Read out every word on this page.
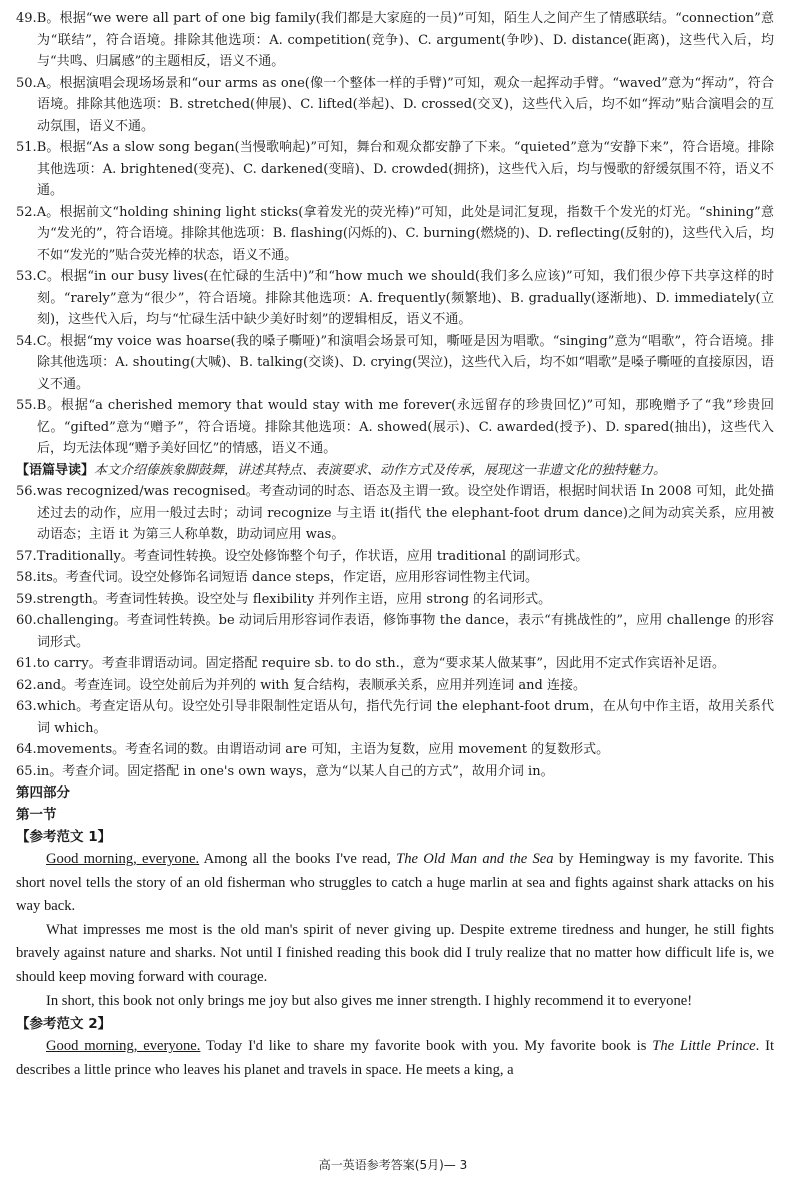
49.B。根据“we were all part of one big family(我们都是大家庭的一员)”可知，陌生人之间产生了情感联结。“connection”意为“联结”，符合语境。排除其他选项：A. competition(竞争)、C. argument(争吵)、D. distance(距离)，这些代入后，均与“共鸣、归属感”的主题相反，语义不通。

50.A。根据演唱会现场场景和“our arms as one(像一个整体一样的手臂)”可知，观众一起挥动手臂。“waved”意为“挥动”，符合语境。排除其他选项：B. stretched(伸展)、C. lifted(举起)、D. crossed(交叉)，这些代入后，均不如“挥动”贴合演唱会的互动氛围，语义不通。

51.B。根据“As a slow song began(当慢歌响起)”可知，舞台和观众都安静了下来。“quieted”意为“安静下来”，符合语境。排除其他选项：A. brightened(变亮)、C. darkened(变暗)、D. crowded(拥挤)，这些代入后，均与慢歌的舒缓氛围不符，语义不通。

52.A。根据前文“holding shining light sticks(拿着发光的荧光棒)”可知，此处是词汇复现，指数千个发光的灯光。“shining”意为“发光的”，符合语境。排除其他选项：B. flashing(闪烁的)、C. burning(燃烧的)、D. reflecting(反射的)，这些代入后，均不如“发光的”贴合荧光棒的状态，语义不通。

53.C。根据“in our busy lives(在忙碌的生活中)”和“how much we should(我们多么应该)”可知，我们很少停下共享这样的时刻。“rarely”意为“很少”，符合语境。排除其他选项：A. frequently(频繁地)、B. gradually(逐渐地)、D. immediately(立刻)，这些代入后，均与“忙碌生活中缺少美好时刻”的逻辑相反，语义不通。

54.C。根据“my voice was hoarse(我的嗓子嘶哑)”和演唱会场景可知，嘶哑是因为唱歌。“singing”意为“唱歌”，符合语境。排除其他选项：A. shouting(大喊)、B. talking(交谈)、D. crying(哭泣)，这些代入后，均不如“唱歌”是嗓子嘶哑的直接原因，语义不通。

55.B。根据“a cherished memory that would stay with me forever(永远留存的珍贵回忆)”可知，那晚赠予了“我”珍贵回忆。“gifted”意为“赠予”，符合语境。排除其他选项：A. showed(展示)、C. awarded(授予)、D. spared(抽出)，这些代入后，均无法体现“赠予美好回忆”的情感，语义不通。

【语篇导读】本文介绍傣族象脚鼓舞，讲述其特点、表演要求、动作方式及传承，展现这一非遗文化的独特魅力。

56.was recognized/was recognised。考查动词的时态、语态及主谓一致。设空处作谓语，根据时间状语 In 2008 可知，此处描述过去的动作，应用一般过去时；动词 recognize 与主语 it(指代 the elephant-foot drum dance)之间为动宾关系，应用被动语态；主语 it 为第三人称单数，助动词应用 was。

57.Traditionally。考查词性转换。设空处修饰整个句子，作状语，应用 traditional 的副词形式。

58.its。考查代词。设空处修饰名词短语 dance steps，作定语，应用形容词性物主代词。

59.strength。考查词性转换。设空处与 flexibility 并列作主语，应用 strong 的名词形式。

60.challenging。考查词性转换。be 动词后用形容词作表语，修饰事物 the dance，表示“有挑战性的”，应用 challenge 的形容词形式。

61.to carry。考查非谓语动词。固定搭配 require sb. to do sth.，意为“要求某人做某事”，因此用不定式作宾语补足语。

62.and。考查连词。设空处前后为并列的 with 复合结构，表顺承关系，应用并列连词 and 连接。

63.which。考查定语从句。设空处引导非限制性定语从句，指代先行词 the elephant-foot drum，在从句中作主语，故用关系代词 which。

64.movements。考查名词的数。由谓语动词 are 可知，主语为复数，应用 movement 的复数形式。

65.in。考查介词。固定搭配 in one's own ways，意为“以某人自己的方式”，故用介词 in。

第四部分

第一节

【参考范文 1】

Good morning, everyone. Among all the books I've read, The Old Man and the Sea by Hemingway is my favorite. This short novel tells the story of an old fisherman who struggles to catch a huge marlin at sea and fights against shark attacks on his way back.

What impresses me most is the old man's spirit of never giving up. Despite extreme tiredness and hunger, he still fights bravely against nature and sharks. Not until I finished reading this book did I truly realize that no matter how difficult life is, we should keep moving forward with courage.

In short, this book not only brings me joy but also gives me inner strength. I highly recommend it to everyone!

【参考范文 2】

Good morning, everyone. Today I'd like to share my favorite book with you. My favorite book is The Little Prince. It describes a little prince who leaves his planet and travels in space. He meets a king, a

高一英语参考答案(5月)— 3
